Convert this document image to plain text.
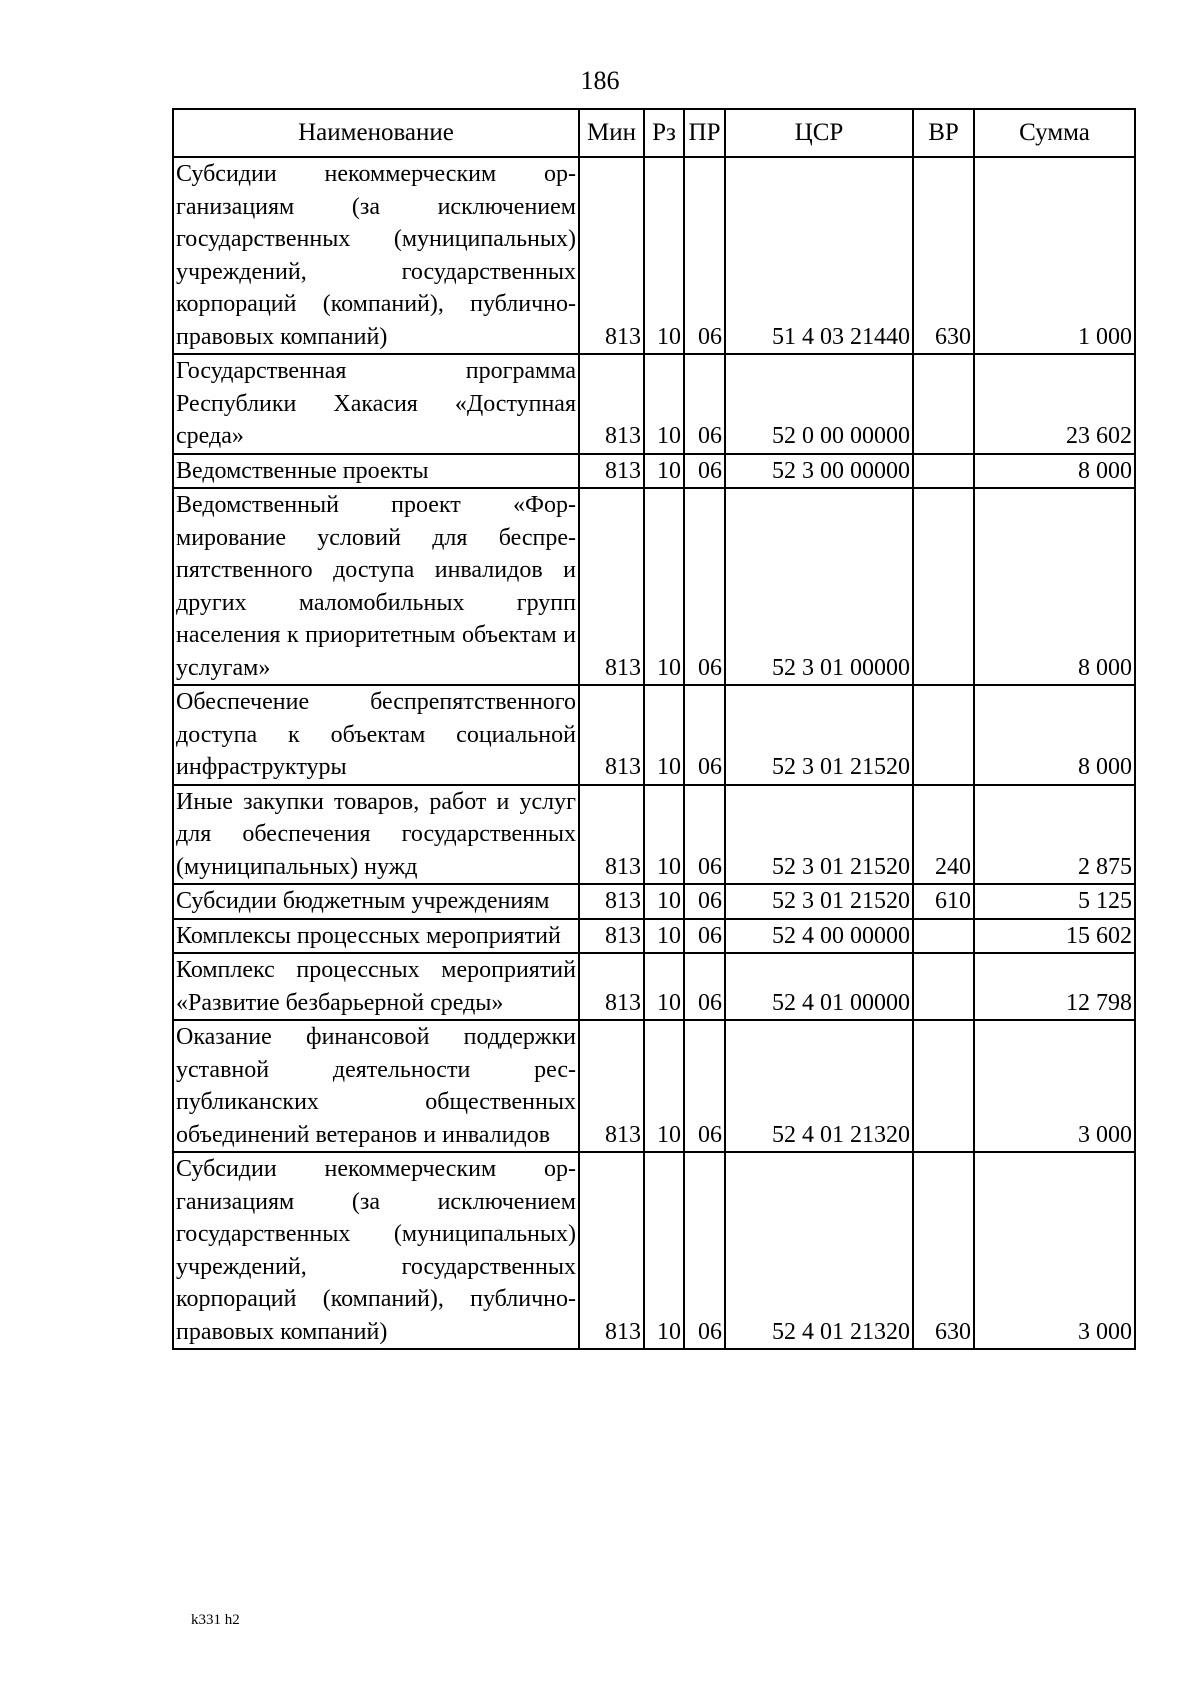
186
Наименование	Мин	Рз	ПР	ЦСР	ВР	Сумма
Субсидии некоммерческим организациям (за исключением государственных (муниципальных) учреждений, государственных корпораций (компаний), публично-правовых компаний)	813	10	06	51 4 03 21440	630	1 000
Государственная программа Республики Хакасия «Доступная среда»	813	10	06	52 0 00 00000		23 602
Ведомственные проекты	813	10	06	52 3 00 00000		8 000
Ведомственный проект «Формирование условий для беспрепятственного доступа инвалидов и других маломобильных групп населения к приоритетным объектам и услугам»	813	10	06	52 3 01 00000		8 000
Обеспечение беспрепятственного доступа к объектам социальной инфраструктуры	813	10	06	52 3 01 21520		8 000
Иные закупки товаров, работ и услуг для обеспечения государственных (муниципальных) нужд	813	10	06	52 3 01 21520	240	2 875
Субсидии бюджетным учреждениям	813	10	06	52 3 01 21520	610	5 125
Комплексы процессных мероприятий	813	10	06	52 4 00 00000		15 602
Комплекс процессных мероприятий «Развитие безбарьерной среды»	813	10	06	52 4 01 00000		12 798
Оказание финансовой поддержки уставной деятельности республиканских общественных объединений ветеранов и инвалидов	813	10	06	52 4 01 21320		3 000
Субсидии некоммерческим организациям (за исключением государственных (муниципальных) учреждений, государственных корпораций (компаний), публично-правовых компаний)	813	10	06	52 4 01 21320	630	3 000
k331 h2
